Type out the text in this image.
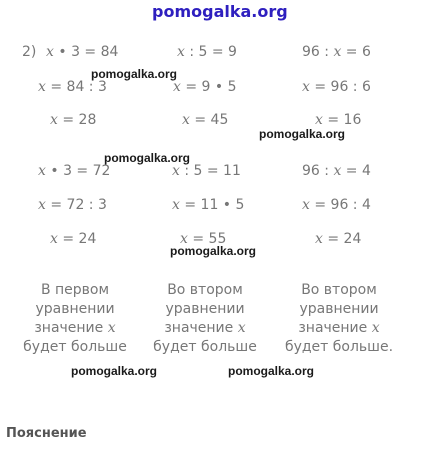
pomogalka.org
2) x • 3 = 84
x = 84 : 3
x = 28
x • 3 = 72
x = 72 : 3
x = 24
x : 5 = 9
x = 9 • 5
x = 45
x : 5 = 11
x = 11 • 5
x = 55
96 : x = 6
x = 96 : 6
x = 16
96 : x = 4
x = 96 : 4
x = 24
В первом уравнении значение x будет больше
Во втором уравнении значение x будет больше
Во втором уравнении значение x будет больше.
pomogalka.org
pomogalka.org
pomogalka.org
pomogalka.org
pomogalka.org	pomogalka.org
Пояснение
